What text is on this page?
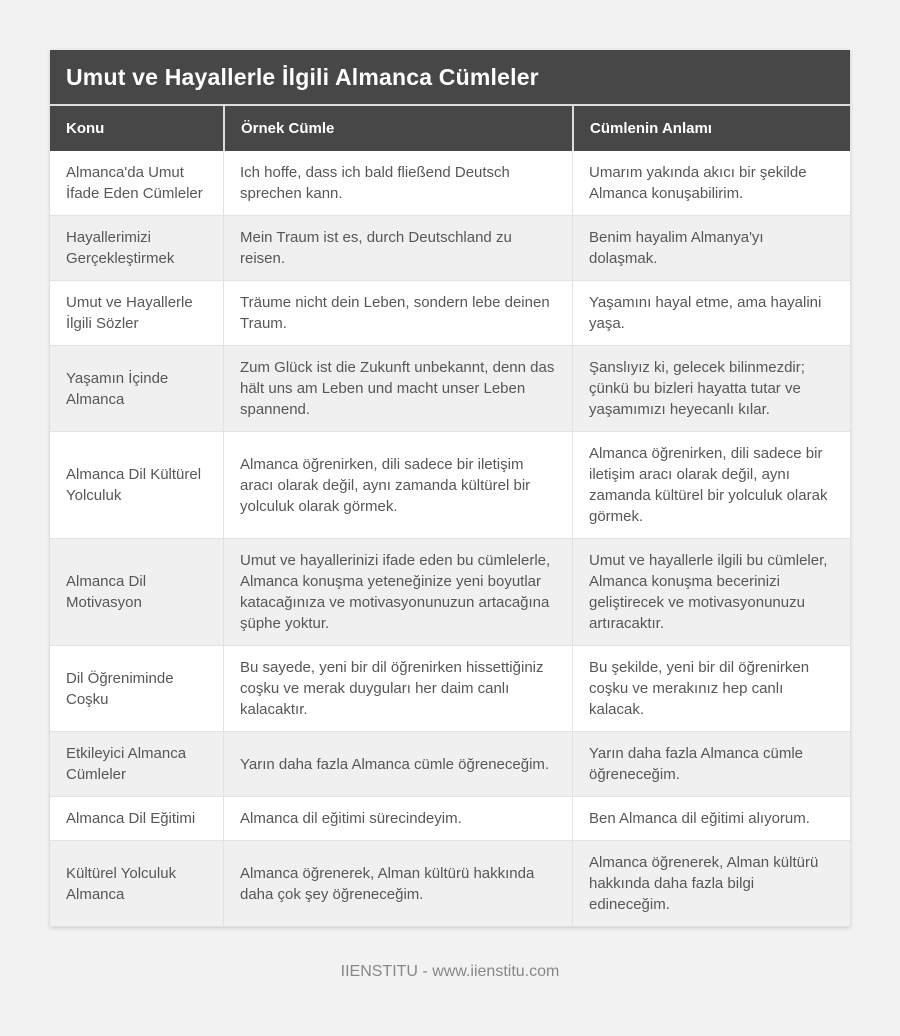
Umut ve Hayallerle İlgili Almanca Cümleler
Konu	Örnek Cümle	Cümlenin Anlamı
Almanca'da Umut İfade Eden Cümleler	Ich hoffe, dass ich bald fließend Deutsch sprechen kann.	Umarım yakında akıcı bir şekilde Almanca konuşabilirim.
Hayallerimizi Gerçekleştirmek	Mein Traum ist es, durch Deutschland zu reisen.	Benim hayalim Almanya'yı dolaşmak.
Umut ve Hayallerle İlgili Sözler	Träume nicht dein Leben, sondern lebe deinen Traum.	Yaşamını hayal etme, ama hayalini yaşa.
Yaşamın İçinde Almanca	Zum Glück ist die Zukunft unbekannt, denn das hält uns am Leben und macht unser Leben spannend.	Şanslıyız ki, gelecek bilinmezdir; çünkü bu bizleri hayatta tutar ve yaşamımızı heyecanlı kılar.
Almanca Dil Kültürel Yolculuk	Almanca öğrenirken, dili sadece bir iletişim aracı olarak değil, aynı zamanda kültürel bir yolculuk olarak görmek.	Almanca öğrenirken, dili sadece bir iletişim aracı olarak değil, aynı zamanda kültürel bir yolculuk olarak görmek.
Almanca Dil Motivasyon	Umut ve hayallerinizi ifade eden bu cümlelerle, Almanca konuşma yeteneğinize yeni boyutlar katacağınıza ve motivasyonunuzun artacağına şüphe yoktur.	Umut ve hayallerle ilgili bu cümleler, Almanca konuşma becerinizi geliştirecek ve motivasyonunuzu artıracaktır.
Dil Öğreniminde Coşku	Bu sayede, yeni bir dil öğrenirken hissettiğiniz coşku ve merak duyguları her daim canlı kalacaktır.	Bu şekilde, yeni bir dil öğrenirken coşku ve merakınız hep canlı kalacak.
Etkileyici Almanca Cümleler	Yarın daha fazla Almanca cümle öğreneceğim.	Yarın daha fazla Almanca cümle öğreneceğim.
Almanca Dil Eğitimi	Almanca dil eğitimi sürecindeyim.	Ben Almanca dil eğitimi alıyorum.
Kültürel Yolculuk Almanca	Almanca öğrenerek, Alman kültürü hakkında daha çok şey öğreneceğim.	Almanca öğrenerek, Alman kültürü hakkında daha fazla bilgi edineceğim.
IIENSTITU - www.iienstitu.com
